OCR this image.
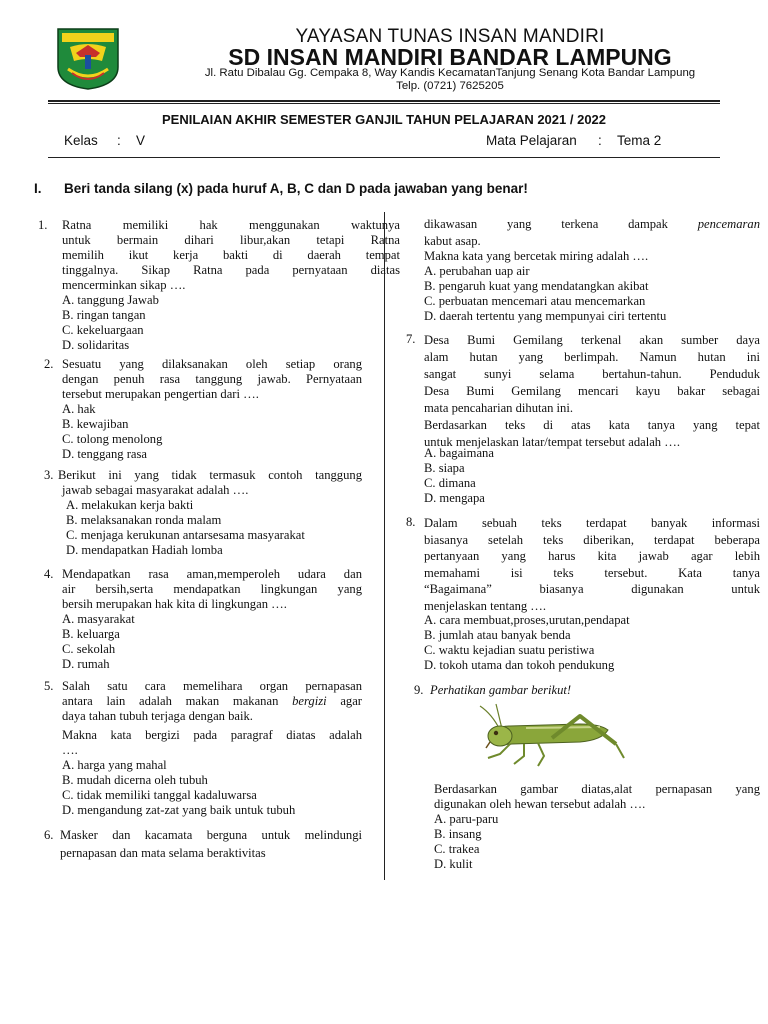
YAYASAN TUNAS INSAN MANDIRI
SD INSAN MANDIRI BANDAR LAMPUNG
Jl. Ratu Dibalau Gg. Cempaka 8, Way Kandis KecamatanTanjung Senang Kota Bandar Lampung
Telp. (0721) 7625205
PENILAIAN AKHIR SEMESTER GANJIL TAHUN PELAJARAN 2021 / 2022
Kelas : V	Mata Pelajaran : Tema 2
I. Beri tanda silang (x) pada huruf A, B, C dan D pada jawaban yang benar!
1. Ratna memiliki hak menggunakan waktunya
untuk bermain dihari libur,akan tetapi Ratna
memilih ikut kerja bakti di daerah tempat
tinggalnya. Sikap Ratna pada pernyataan diatas
mencerminkan sikap ….
A. tanggung Jawab
B. ringan tangan
C. kekeluargaan
D. solidaritas
2. Sesuatu yang dilaksanakan oleh setiap orang
dengan penuh rasa tanggung jawab. Pernyataan
tersebut merupakan pengertian dari ….
A. hak
B. kewajiban
C. tolong menolong
D. tenggang rasa
3. Berikut ini yang tidak termasuk contoh tanggung
jawab sebagai masyarakat adalah ….
A. melakukan kerja bakti
B. melaksanakan ronda malam
C. menjaga kerukunan antarsesama masyarakat
D. mendapatkan Hadiah lomba
4. Mendapatkan rasa aman,memperoleh udara dan
air bersih,serta mendapatkan lingkungan yang
bersih merupakan hak kita di lingkungan ….
A. masyarakat
B. keluarga
C. sekolah
D. rumah
5. Salah satu cara memelihara organ pernapasan
antara lain adalah makan makanan bergizi agar
daya tahan tubuh terjaga dengan baik.
Makna kata bergizi pada paragraf diatas adalah
….
A. harga yang mahal
B. mudah dicerna oleh tubuh
C. tidak memiliki tanggal kadaluwarsa
D. mengandung zat-zat yang baik untuk tubuh
6. Masker dan kacamata berguna untuk melindungi
pernapasan dan mata selama beraktivitas
dikawasan yang terkena dampak pencemaran
kabut asap.
Makna kata yang bercetak miring adalah ….
A. perubahan uap air
B. pengaruh kuat yang mendatangkan akibat
C. perbuatan mencemari atau mencemarkan
D. daerah tertentu yang mempunyai ciri tertentu
7. Desa Bumi Gemilang terkenal akan sumber daya
alam hutan yang berlimpah. Namun hutan ini
sangat sunyi selama bertahun-tahun. Penduduk
Desa Bumi Gemilang mencari kayu bakar sebagai
mata pencaharian dihutan ini.
Berdasarkan teks di atas kata tanya yang tepat
untuk menjelaskan latar/tempat tersebut adalah ….
A. bagaimana
B. siapa
C. dimana
D. mengapa
8. Dalam sebuah teks terdapat banyak informasi
biasanya setelah teks diberikan, terdapat beberapa
pertanyaan yang harus kita jawab agar lebih
memahami isi teks tersebut. Kata tanya
“Bagaimana” biasanya digunakan untuk
menjelaskan tentang ….
A. cara membuat,proses,urutan,pendapat
B. jumlah atau banyak benda
C. waktu kejadian suatu peristiwa
D. tokoh utama dan tokoh pendukung
9. Perhatikan gambar berikut!
Berdasarkan gambar diatas,alat pernapasan yang
digunakan oleh hewan tersebut adalah ….
A. paru-paru
B. insang
C. trakea
D. kulit
